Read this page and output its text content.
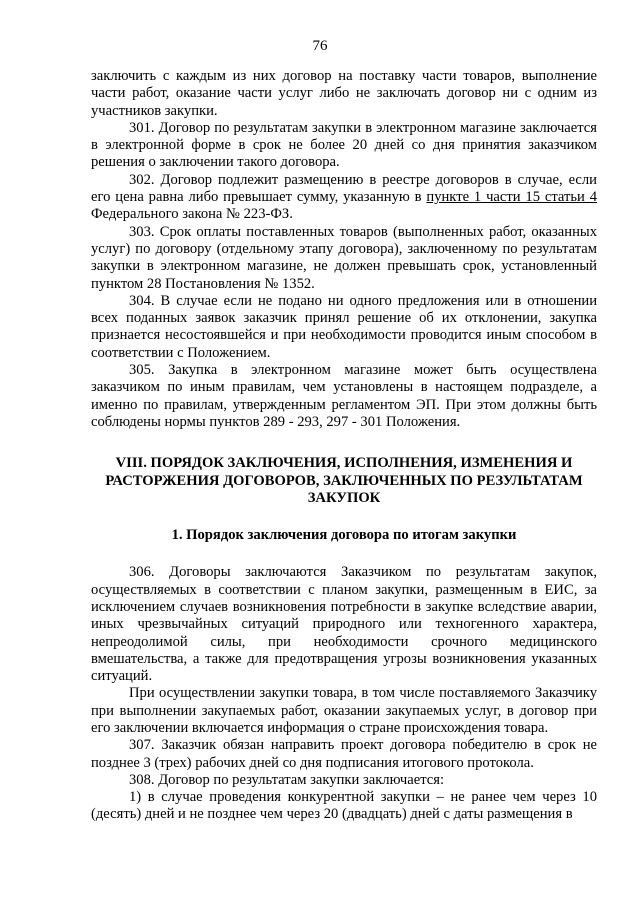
76

заключить с каждым из них договор на поставку части товаров, выполнение части работ, оказание части услуг либо не заключать договор ни с одним из участников закупки.

301. Договор по результатам закупки в электронном магазине заключается в электронной форме в срок не более 20 дней со дня принятия заказчиком решения о заключении такого договора.

302. Договор подлежит размещению в реестре договоров в случае, если его цена равна либо превышает сумму, указанную в пункте 1 части 15 статьи 4 Федерального закона № 223-ФЗ.

303. Срок оплаты поставленных товаров (выполненных работ, оказанных услуг) по договору (отдельному этапу договора), заключенному по результатам закупки в электронном магазине, не должен превышать срок, установленный пунктом 28 Постановления № 1352.

304. В случае если не подано ни одного предложения или в отношении всех поданных заявок заказчик принял решение об их отклонении, закупка признается несостоявшейся и при необходимости проводится иным способом в соответствии с Положением.

305. Закупка в электронном магазине может быть осуществлена заказчиком по иным правилам, чем установлены в настоящем подразделе, а именно по правилам, утвержденным регламентом ЭП. При этом должны быть соблюдены нормы пунктов 289 - 293, 297 - 301 Положения.

VIII. ПОРЯДОК ЗАКЛЮЧЕНИЯ, ИСПОЛНЕНИЯ, ИЗМЕНЕНИЯ И РАСТОРЖЕНИЯ ДОГОВОРОВ, ЗАКЛЮЧЕННЫХ ПО РЕЗУЛЬТАТАМ ЗАКУПОК
1. Порядок заключения договора по итогам закупки

306. Договоры заключаются Заказчиком по результатам закупок, осуществляемых в соответствии с планом закупки, размещенным в ЕИС, за исключением случаев возникновения потребности в закупке вследствие аварии, иных чрезвычайных ситуаций природного или техногенного характера, непреодолимой силы, при необходимости срочного медицинского вмешательства, а также для предотвращения угрозы возникновения указанных ситуаций.

При осуществлении закупки товара, в том числе поставляемого Заказчику при выполнении закупаемых работ, оказании закупаемых услуг, в договор при его заключении включается информация о стране происхождения товара.

307. Заказчик обязан направить проект договора победителю в срок не позднее 3 (трех) рабочих дней со дня подписания итогового протокола.

308. Договор по результатам закупки заключается:

1) в случае проведения конкурентной закупки – не ранее чем через 10 (десять) дней и не позднее чем через 20 (двадцать) дней с даты размещения в
